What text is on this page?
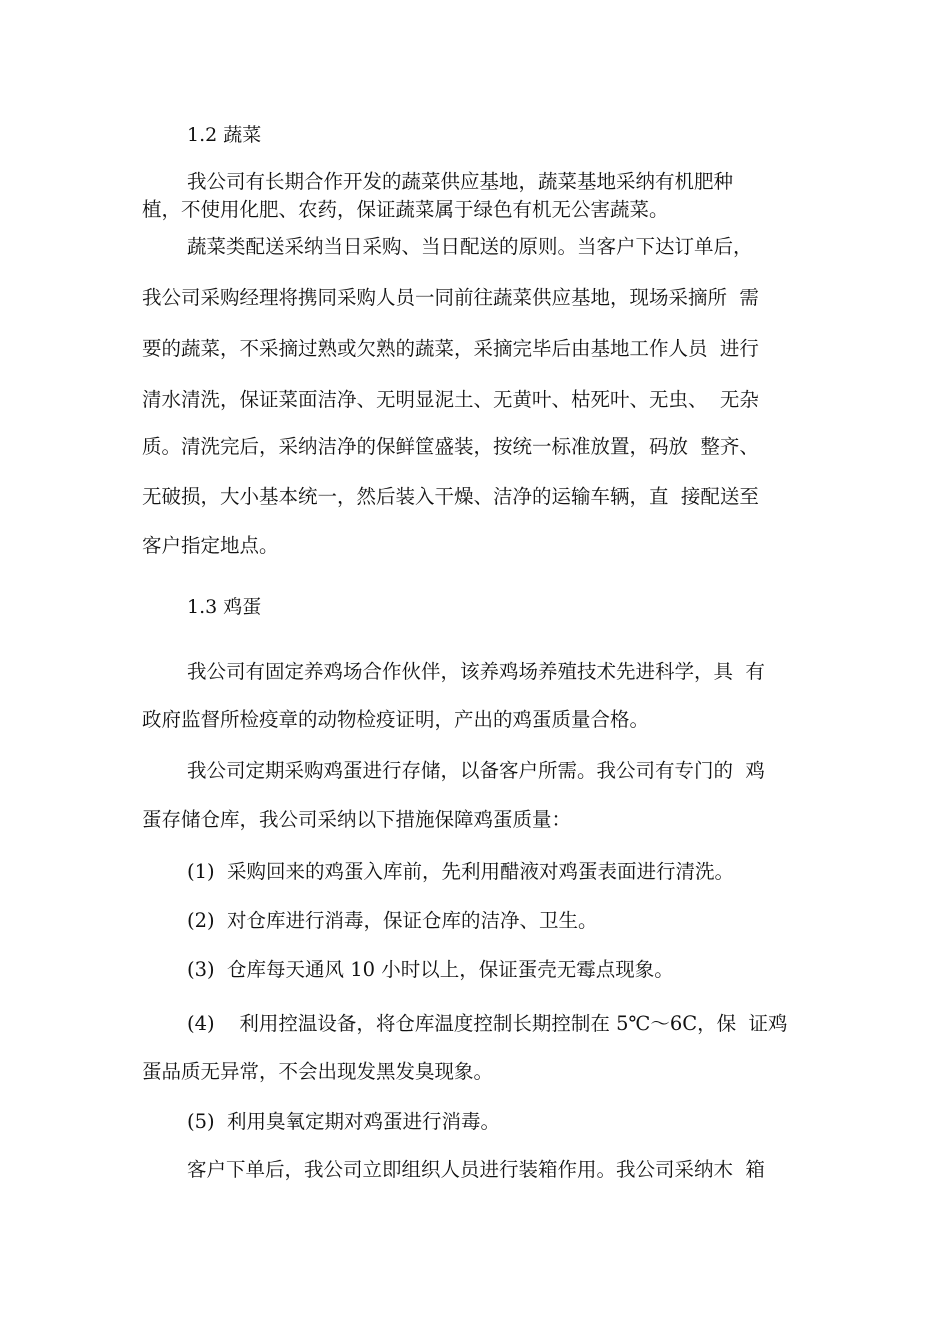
1.2 蔬菜
我公司有长期合作开发的蔬菜供应基地，蔬菜基地采纳有机肥种
植，不使用化肥、农药，保证蔬菜属于绿色有机无公害蔬菜。
蔬菜类配送采纳当日采购、当日配送的原则。当客户下达订单后，
我公司采购经理将携同采购人员一同前往蔬菜供应基地，现场采摘所  需
要的蔬菜，不采摘过熟或欠熟的蔬菜，采摘完毕后由基地工作人员  进行
清水清洗，保证菜面洁净、无明显泥土、无黄叶、枯死叶、无虫、  无杂
质。清洗完后，采纳洁净的保鲜筐盛装，按统一标准放置，码放  整齐、
无破损，大小基本统一，然后装入干燥、洁净的运输车辆，直  接配送至
客户指定地点。
1.3 鸡蛋
我公司有固定养鸡场合作伙伴，该养鸡场养殖技术先进科学，具  有
政府监督所检疫章的动物检疫证明，产出的鸡蛋质量合格。
我公司定期采购鸡蛋进行存储，以备客户所需。我公司有专门的  鸡
蛋存储仓库，我公司采纳以下措施保障鸡蛋质量：
(1)  采购回来的鸡蛋入库前，先利用醋液对鸡蛋表面进行清洗。
(2)  对仓库进行消毒，保证仓库的洁净、卫生。
(3)  仓库每天通风 10 小时以上，保证蛋壳无霉点现象。
(4)    利用控温设备，将仓库温度控制长期控制在 5℃〜6C，保  证鸡
蛋品质无异常，不会出现发黑发臭现象。
(5)  利用臭氧定期对鸡蛋进行消毒。
客户下单后，我公司立即组织人员进行装箱作用。我公司采纳木  箱
